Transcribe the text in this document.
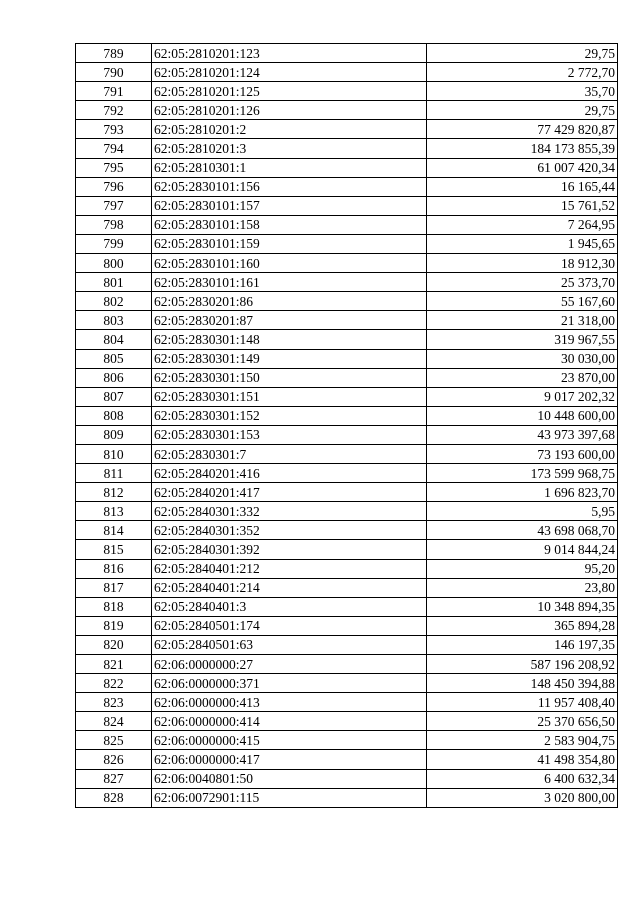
789	62:05:2810201:123	29,75
790	62:05:2810201:124	2 772,70
791	62:05:2810201:125	35,70
792	62:05:2810201:126	29,75
793	62:05:2810201:2	77 429 820,87
794	62:05:2810201:3	184 173 855,39
795	62:05:2810301:1	61 007 420,34
796	62:05:2830101:156	16 165,44
797	62:05:2830101:157	15 761,52
798	62:05:2830101:158	7 264,95
799	62:05:2830101:159	1 945,65
800	62:05:2830101:160	18 912,30
801	62:05:2830101:161	25 373,70
802	62:05:2830201:86	55 167,60
803	62:05:2830201:87	21 318,00
804	62:05:2830301:148	319 967,55
805	62:05:2830301:149	30 030,00
806	62:05:2830301:150	23 870,00
807	62:05:2830301:151	9 017 202,32
808	62:05:2830301:152	10 448 600,00
809	62:05:2830301:153	43 973 397,68
810	62:05:2830301:7	73 193 600,00
811	62:05:2840201:416	173 599 968,75
812	62:05:2840201:417	1 696 823,70
813	62:05:2840301:332	5,95
814	62:05:2840301:352	43 698 068,70
815	62:05:2840301:392	9 014 844,24
816	62:05:2840401:212	95,20
817	62:05:2840401:214	23,80
818	62:05:2840401:3	10 348 894,35
819	62:05:2840501:174	365 894,28
820	62:05:2840501:63	146 197,35
821	62:06:0000000:27	587 196 208,92
822	62:06:0000000:371	148 450 394,88
823	62:06:0000000:413	11 957 408,40
824	62:06:0000000:414	25 370 656,50
825	62:06:0000000:415	2 583 904,75
826	62:06:0000000:417	41 498 354,80
827	62:06:0040801:50	6 400 632,34
828	62:06:0072901:115	3 020 800,00
